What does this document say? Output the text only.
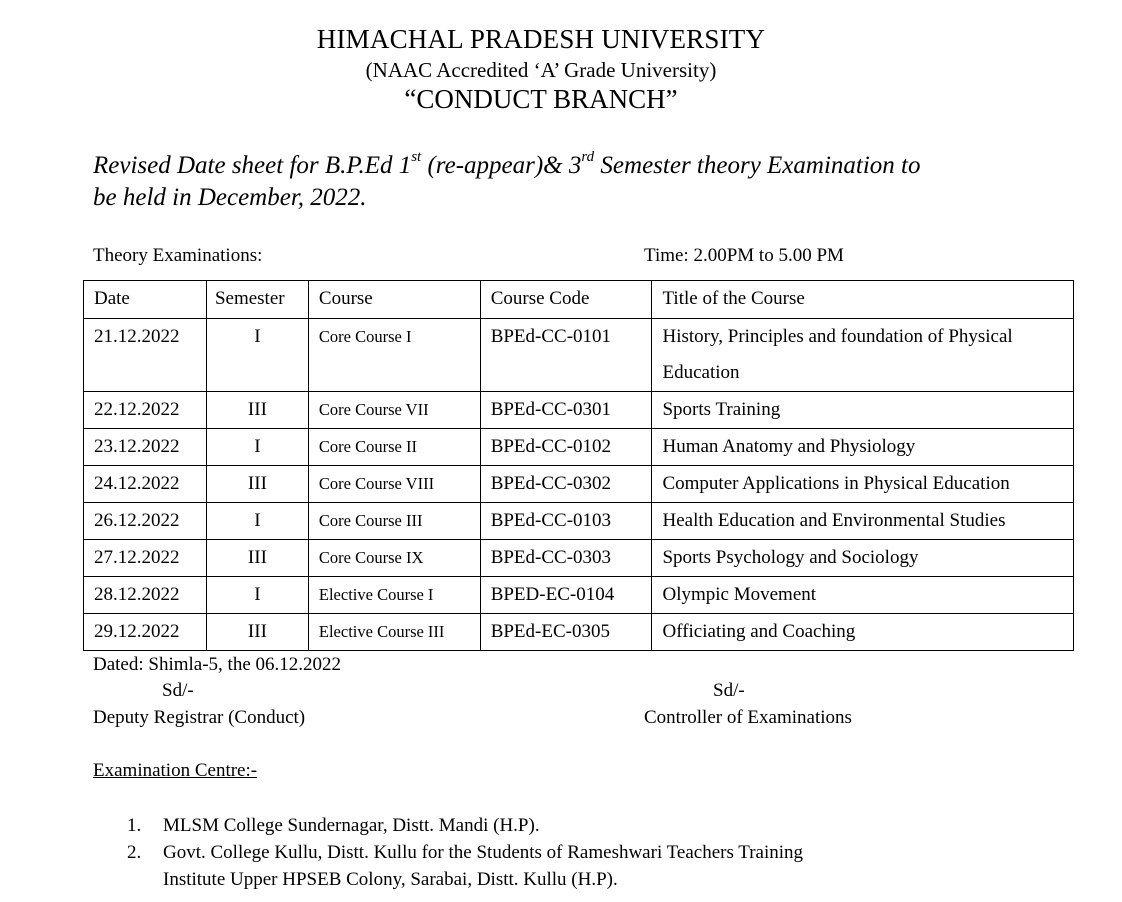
HIMACHAL PRADESH UNIVERSITY
(NAAC Accredited ‘A’ Grade University)
“CONDUCT BRANCH”
Revised Date sheet for B.P.Ed 1st (re-appear)& 3rd Semester theory Examination to
be held in December, 2022.
Theory Examinations:	Time: 2.00PM to 5.00 PM
Date	Semester	Course	Course Code	Title of the Course
21.12.2022	I	Core Course I	BPEd-CC-0101	History, Principles and foundation of Physical Education
22.12.2022	III	Core Course VII	BPEd-CC-0301	Sports Training
23.12.2022	I	Core Course II	BPEd-CC-0102	Human Anatomy and Physiology
24.12.2022	III	Core Course VIII	BPEd-CC-0302	Computer Applications in Physical Education
26.12.2022	I	Core Course III	BPEd-CC-0103	Health Education and Environmental Studies
27.12.2022	III	Core Course IX	BPEd-CC-0303	Sports Psychology and Sociology
28.12.2022	I	Elective Course I	BPED-EC-0104	Olympic Movement
29.12.2022	III	Elective Course III	BPEd-EC-0305	Officiating and Coaching
Dated: Shimla-5, the 06.12.2022
Sd/-	Sd/-
Deputy Registrar (Conduct)	Controller of Examinations
Examination Centre:-
1. MLSM College Sundernagar, Distt. Mandi (H.P).
2. Govt. College Kullu, Distt. Kullu for the Students of Rameshwari Teachers Training
Institute Upper HPSEB Colony, Sarabai, Distt. Kullu (H.P).
